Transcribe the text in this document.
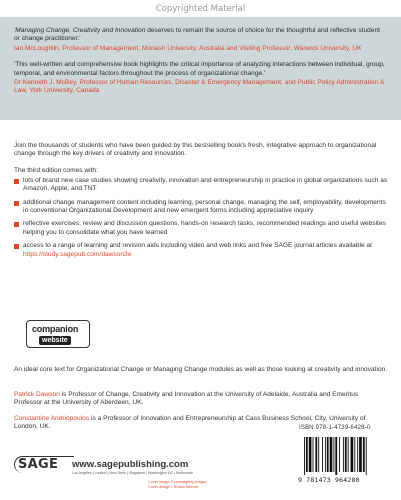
Copyrighted Material
'Managing Change, Creativity and Innovation deserves to remain the source of choice for the thoughtful and reflective student or change practitioner.'
Ian McLoughlin, Professor of Management, Monash University, Australia and Visiting Professor, Warwick University, UK
'This well-written and comprehensive book highlights the critical importance of analyzing interactions between individual, group, temporal, and environmental factors throughout the process of organizational change.'
Dr Kenneth J. McBey, Professor of Human Resources, Disaster & Emergency Management, and Public Policy Administration & Law, York University, Canada

Join the thousands of students who have been guided by this bestselling book's fresh, integrative approach to organizational change through the key drivers of creativity and innovation.

The third edition comes with:

lots of brand new case studies showing creativity, innovation and entrepreneurship in practice in global organizations such as Amazon, Apple, and TNT
additional change management content including learning, personal change, managing the self, employability, developments in conventional Organizational Development and new emergent forms including appreciative inquiry
reflective exercises, review and discussion questions, hands-on research tasks, recommended readings and useful websites helping you to consolidate what you have learned
access to a range of learning and revision aids including video and web links and free SAGE journal articles available at https://study.sagepub.com/dawson3e
companion
website

An ideal core text for Organizational Change or Managing Change modules as well as those looking at creativity and innovation.

Patrick Dawson is Professor of Change, Creativity and Innovation at the University of Adelaide, Australia and Emeritus Professor at the University of Aberdeen, UK.

Constantine Andriopoulos is a Professor of Innovation and Entrepreneurship at Cass Business School, City, University of London, UK.

SAGE www.sagepublishing.com
Los Angeles | London | New Delhi | Singapore | Washington DC | Melbourne
Cover image © pixelalgetty images
Cover design • Shaun Mercier
ISBN 978-1-4739-6428-0
9 781473 964280
